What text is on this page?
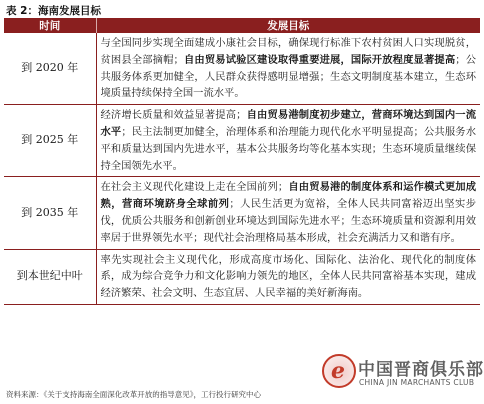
表 2：海南发展目标
时间	发展目标
到 2020 年	与全国同步实现全面建成小康社会目标，确保现行标准下农村贫困人口实现脱贫，贫困县全部摘帽；自由贸易试验区建设取得重要进展，国际开放程度显著提高；公共服务体系更加健全，人民群众获得感明显增强；生态文明制度基本建立，生态环境质量持续保持全国一流水平。
到 2025 年	经济增长质量和效益显著提高；自由贸易港制度初步建立，营商环境达到国内一流水平；民主法制更加健全，治理体系和治理能力现代化水平明显提高；公共服务水平和质量达到国内先进水平，基本公共服务均等化基本实现；生态环境质量继续保持全国领先水平。
到 2035 年	在社会主义现代化建设上走在全国前列；自由贸易港的制度体系和运作模式更加成熟，营商环境跻身全球前列；人民生活更为宽裕，全体人民共同富裕迈出坚实步伐，优质公共服务和创新创业环境达到国际先进水平；生态环境质量和资源利用效率居于世界领先水平；现代社会治理格局基本形成，社会充满活力又和谐有序。
到本世纪中叶	率先实现社会主义现代化，形成高度市场化、国际化、法治化、现代化的制度体系，成为综合竞争力和文化影响力领先的地区，全体人民共同富裕基本实现，建成经济繁荣、社会文明、生态宜居、人民幸福的美好新海南。
e 中国晋商俱乐部
CHINA JIN MARCHANTS CLUB
资料来源：《关于支持海南全面深化改革开放的指导意见》，工行投行研究中心
